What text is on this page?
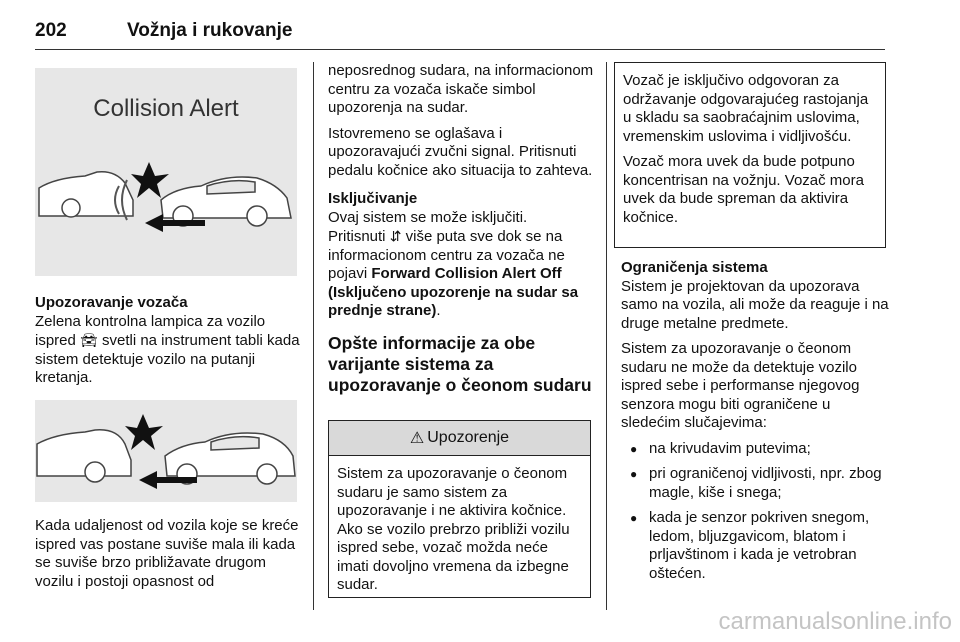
202	Vožnja i rukovanje
Collision Alert

Upozoravanje vozača

Zelena kontrolna lampica za vozilo ispred 🚘︎ svetli na instrument tabli kada sistem detektuje vozilo na putanji kretanja.

Kada udaljenost od vozila koje se kreće ispred vas postane suviše mala ili kada se suviše brzo približavate drugom vozilu i postoji opasnost od

neposrednog sudara, na informacionom centru za vozača iskače simbol upozorenja na sudar.

Istovremeno se oglašava i upozoravajući zvučni signal. Pritisnuti pedalu kočnice ako situacija to zahteva.

Isključivanje
Ovaj sistem se može isključiti.
Pritisnuti ⇵ više puta sve dok se na informacionom centru za vozača ne pojavi Forward Collision Alert Off (Isključeno upozorenje na sudar sa prednje strane).

Opšte informacije za obe varijante sistema za upozoravanje o čeonom sudaru
⚠ Upozorenje
Sistem za upozoravanje o čeonom sudaru je samo sistem za upozoravanje i ne aktivira kočnice. Ako se vozilo prebrzo približi vozilu ispred sebe, vozač možda neće imati dovoljno vremena da izbegne sudar.

Vozač je isključivo odgovoran za održavanje odgovarajućeg rastojanja u skladu sa saobraćajnim uslovima, vremenskim uslovima i vidljivošću.

Vozač mora uvek da bude potpuno koncentrisan na vožnju. Vozač mora uvek da bude spreman da aktivira kočnice.

Ograničenja sistema
Sistem je projektovan da upozorava samo na vozila, ali može da reaguje i na druge metalne predmete.

Sistem za upozoravanje o čeonom sudaru ne može da detektuje vozilo ispred sebe i performanse njegovog senzora mogu biti ograničene u sledećim slučajevima:

● na krivudavim putevima;
● pri ograničenoj vidljivosti, npr. zbog magle, kiše i snega;
● kada je senzor pokriven snegom, ledom, bljuzgavicom, blatom i prljavštinom i kada je vetrobran oštećen.
carmanualsonline.info
